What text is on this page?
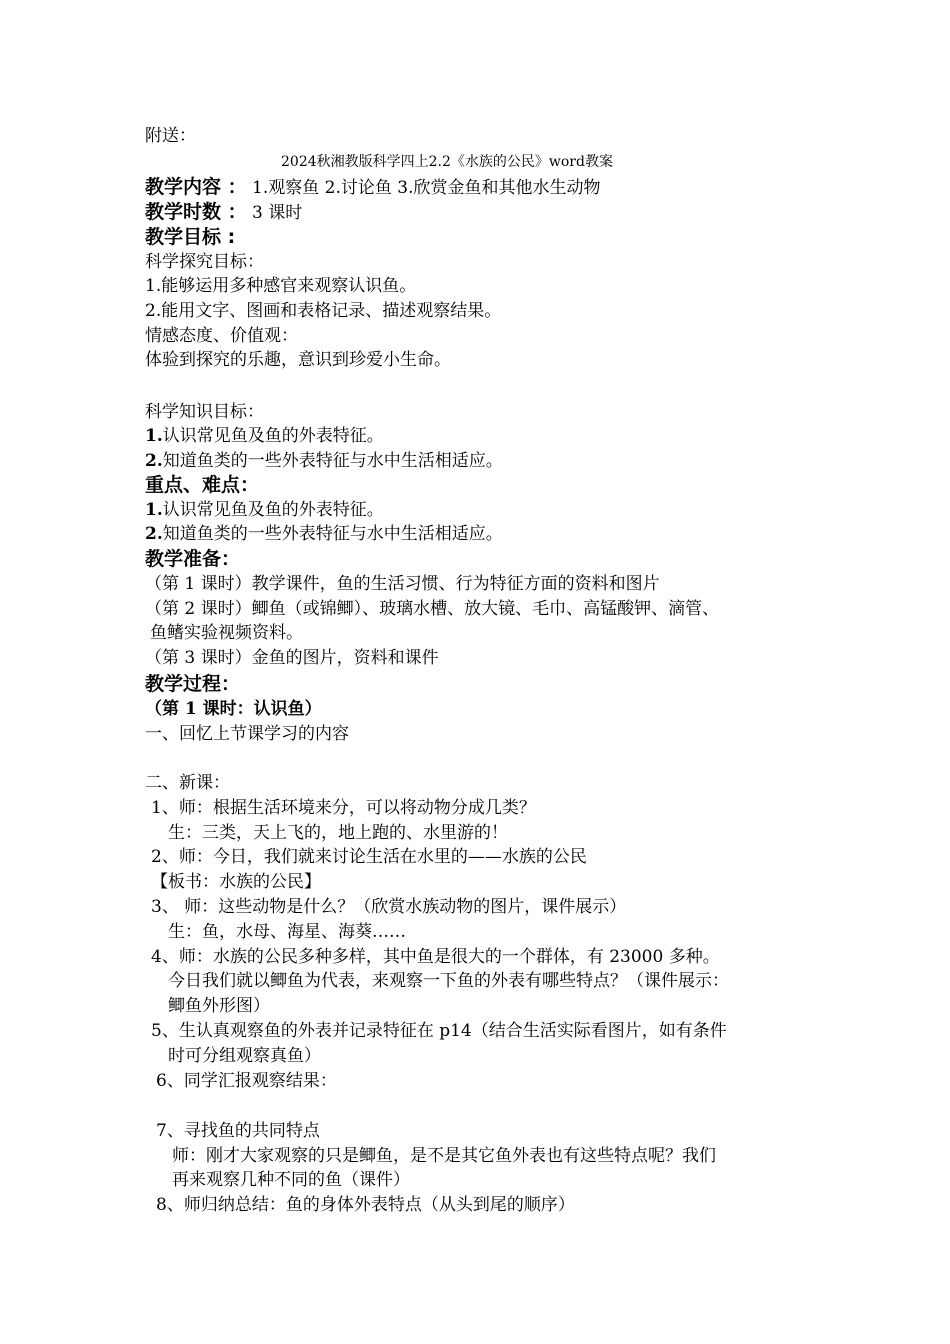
附送：
2024秋湘教版科学四上2.2《水族的公民》word教案
教学内容 ： 1.观察鱼 2.讨论鱼 3.欣赏金鱼和其他水生动物
教学时数 ： 3 课时
教学目标 :
科学探究目标：
1.能够运用多种感官来观察认识鱼。
2.能用文字、图画和表格记录、描述观察结果。
情感态度、价值观：
体验到探究的乐趣，意识到珍爱小生命。
科学知识目标：
1.认识常见鱼及鱼的外表特征。
2.知道鱼类的一些外表特征与水中生活相适应。
重点、难点：
1.认识常见鱼及鱼的外表特征。
2.知道鱼类的一些外表特征与水中生活相适应。
教学准备：
（第 1 课时）教学课件，鱼的生活习惯、行为特征方面的资料和图片
（第 2 课时）鲫鱼（或锦鲫）、玻璃水槽、放大镜、毛巾、高锰酸钾、滴管、
鱼鳍实验视频资料。
（第 3 课时）金鱼的图片，资料和课件
教学过程：
（第 1 课时：认识鱼）
一、回忆上节课学习的内容
二、新课：
1、师：根据生活环境来分，可以将动物分成几类？
生：三类，天上飞的，地上跑的、水里游的！
2、师：今日，我们就来讨论生活在水里的——水族的公民
【板书：水族的公民】
3、 师：这些动物是什么？（欣赏水族动物的图片，课件展示）
生：鱼，水母、海星、海葵……
4、师：水族的公民多种多样，其中鱼是很大的一个群体，有 23000 多种。
今日我们就以鲫鱼为代表，来观察一下鱼的外表有哪些特点？（课件展示：
鲫鱼外形图）
5、生认真观察鱼的外表并记录特征在 p14（结合生活实际看图片，如有条件
时可分组观察真鱼）
6、同学汇报观察结果：
7、寻找鱼的共同特点
师：刚才大家观察的只是鲫鱼，是不是其它鱼外表也有这些特点呢？我们
再来观察几种不同的鱼（课件）
8、师归纳总结：鱼的身体外表特点（从头到尾的顺序）
